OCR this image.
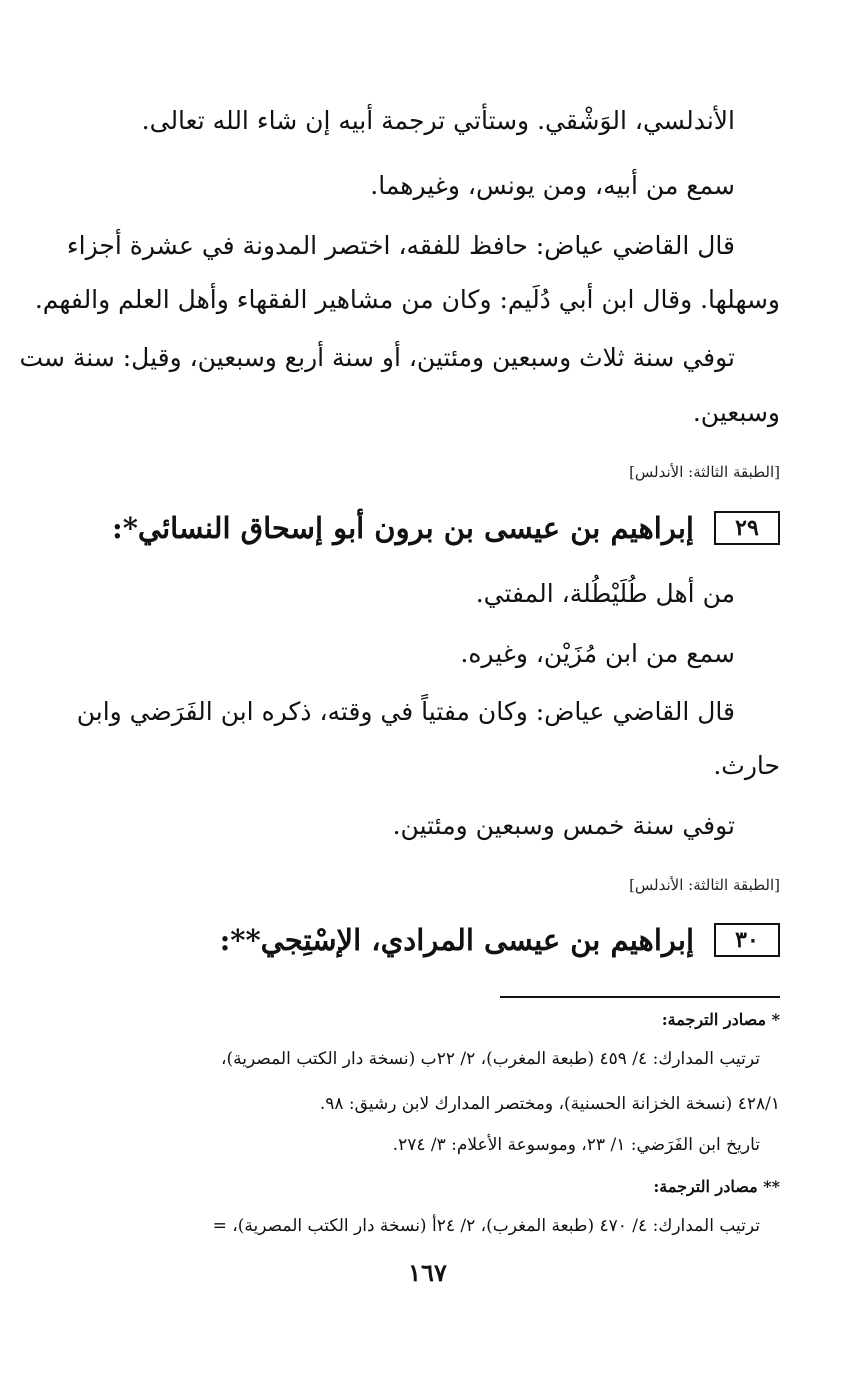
الأندلسي، الوَشْقي. وستأتي ترجمة أبيه إن شاء الله تعالى.
سمع من أبيه، ومن يونس، وغيرهما.
قال القاضي عياض: حافظ للفقه، اختصر المدونة في عشرة أجزاء
وسهلها. وقال ابن أبي دُلَيم: وكان من مشاهير الفقهاء وأهل العلم والفهم.
توفي سنة ثلاث وسبعين ومئتين، أو سنة أربع وسبعين، وقيل: سنة ست
وسبعين.
[الطبقة الثالثة: الأندلس]
٢٩
إبراهيم بن عيسى بن برون أبو إسحاق النسائي*:
من أهل طُلَيْطُلة، المفتي.
سمع من ابن مُزَيْن، وغيره.
قال القاضي عياض: وكان مفتياً في وقته، ذكره ابن الفَرَضي وابن
حارث.
توفي سنة خمس وسبعين ومئتين.
[الطبقة الثالثة: الأندلس]
٣٠
إبراهيم بن عيسى المرادي، الإسْتِجي**:
* مصادر الترجمة:
ترتيب المدارك: ٤/ ٤٥٩ (طبعة المغرب)، ٢/ ٢٢ب (نسخة دار الكتب المصرية)،
٤٢٨/١ (نسخة الخزانة الحسنية)، ومختصر المدارك لابن رشيق: ٩٨.
تاريخ ابن الفَرَضي: ١/ ٢٣، وموسوعة الأعلام: ٣/ ٢٧٤.
** مصادر الترجمة:
ترتيب المدارك: ٤/ ٤٧٠ (طبعة المغرب)، ٢/ ٢٤أ (نسخة دار الكتب المصرية)، =
١٦٧
